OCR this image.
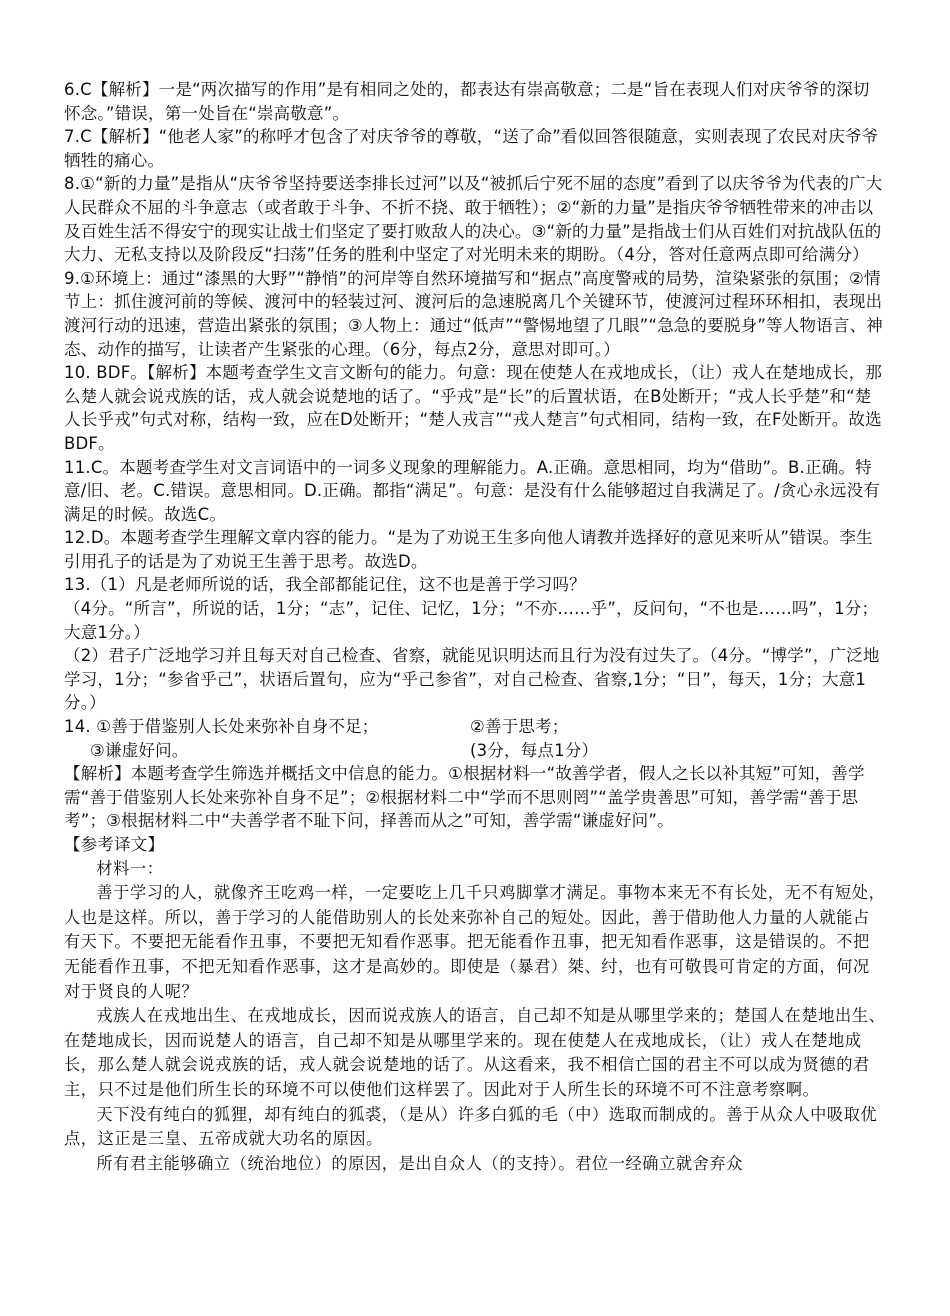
6.C【解析】一是“两次描写的作用”是有相同之处的，都表达有崇高敬意；二是“旨在表现人们对庆爷爷的深切怀念。”错误，第一处旨在“崇高敬意”。

7.C【解析】“他老人家”的称呼才包含了对庆爷爷的尊敬，“送了命”看似回答很随意，实则表现了农民对庆爷爷牺牲的痛心。

8.①“新的力量”是指从“庆爷爷坚持要送李排长过河”以及“被抓后宁死不屈的态度”看到了以庆爷爷为代表的广大人民群众不屈的斗争意志（或者敢于斗争、不折不挠、敢于牺牲）；②“新的力量”是指庆爷爷牺牲带来的冲击以及百姓生活不得安宁的现实让战士们坚定了要打败敌人的决心。③“新的力量”是指战士们从百姓们对抗战队伍的大力、无私支持以及阶段反“扫荡”任务的胜利中坚定了对光明未来的期盼。（4分，答对任意两点即可给满分）

9.①环境上：通过“漆黑的大野”“静悄”的河岸等自然环境描写和“据点”高度警戒的局势，渲染紧张的氛围；②情节上：抓住渡河前的等候、渡河中的轻装过河、渡河后的急速脱离几个关键环节，使渡河过程环环相扣，表现出渡河行动的迅速，营造出紧张的氛围；③人物上：通过“低声”“警惕地望了几眼”“急急的要脱身”等人物语言、神态、动作的描写，让读者产生紧张的心理。（6分，每点2分，意思对即可。）

10. BDF。【解析】本题考查学生文言文断句的能力。句意：现在使楚人在戎地成长，（让）戎人在楚地成长，那么楚人就会说戎族的话，戎人就会说楚地的话了。“乎戎”是“长”的后置状语，在B处断开；“戎人长乎楚”和“楚人长乎戎”句式对称，结构一致，应在D处断开；“楚人戎言”“戎人楚言”句式相同，结构一致，在F处断开。故选BDF。

11.C。本题考查学生对文言词语中的一词多义现象的理解能力。A.正确。意思相同，均为“借助”。B.正确。特意/旧、老。C.错误。意思相同。D.正确。都指“满足”。句意：是没有什么能够超过自我满足了。/贪心永远没有满足的时候。故选C。

12.D。本题考查学生理解文章内容的能力。“是为了劝说王生多向他人请教并选择好的意见来听从”错误。李生引用孔子的话是为了劝说王生善于思考。故选D。

13.（1）凡是老师所说的话，我全部都能记住，这不也是善于学习吗？

（4分。“所言”，所说的话，1分；“志”，记住、记忆，1分；“不亦……乎”，反问句，“不也是……吗”，1分；大意1分。）

（2）君子广泛地学习并且每天对自己检查、省察，就能见识明达而且行为没有过失了。（4分。“博学”，广泛地学习，1分；“参省乎己”，状语后置句，应为“乎己参省”，对自己检查、省察,1分；“日”，每天，1分；大意1分。）

14. ①善于借鉴别人长处来弥补自身不足；	②善于思考；
③谦虚好问。	(3分，每点1分）

【解析】本题考查学生筛选并概括文中信息的能力。①根据材料一“故善学者，假人之长以补其短”可知，善学需“善于借鉴别人长处来弥补自身不足”；②根据材料二中“学而不思则罔”“盖学贵善思”可知，善学需“善于思考”；③根据材料二中“夫善学者不耻下问，择善而从之”可知，善学需“谦虚好问”。

【参考译文】

材料一：

善于学习的人，就像齐王吃鸡一样，一定要吃上几千只鸡脚掌才满足。事物本来无不有长处，无不有短处，人也是这样。所以，善于学习的人能借助别人的长处来弥补自己的短处。因此，善于借助他人力量的人就能占有天下。不要把无能看作丑事，不要把无知看作恶事。把无能看作丑事，把无知看作恶事，这是错误的。不把无能看作丑事，不把无知看作恶事，这才是高妙的。即使是（暴君）桀、纣，也有可敬畏可肯定的方面，何况对于贤良的人呢？

戎族人在戎地出生、在戎地成长，因而说戎族人的语言，自己却不知是从哪里学来的；楚国人在楚地出生、在楚地成长，因而说楚人的语言，自己却不知是从哪里学来的。现在使楚人在戎地成长，（让）戎人在楚地成长，那么楚人就会说戎族的话，戎人就会说楚地的话了。从这看来，我不相信亡国的君主不可以成为贤德的君主，只不过是他们所生长的环境不可以使他们这样罢了。因此对于人所生长的环境不可不注意考察啊。

天下没有纯白的狐狸，却有纯白的狐裘，（是从）许多白狐的毛（中）选取而制成的。善于从众人中吸取优点，这正是三皇、五帝成就大功名的原因。

所有君主能够确立（统治地位）的原因，是出自众人（的支持）。君位一经确立就舍弃众
